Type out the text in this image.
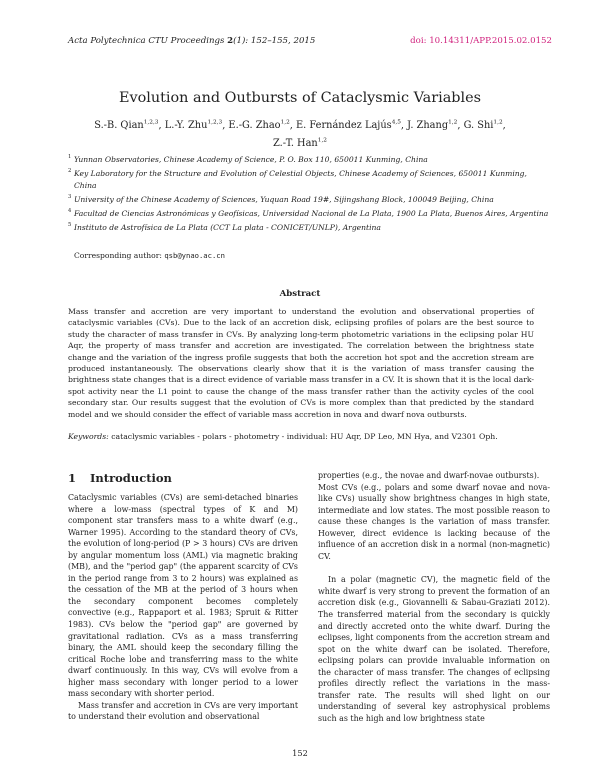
Acta Polytechnica CTU Proceedings 2(1): 152–155, 2015	doi: 10.14311/APP.2015.02.0152
Evolution and Outbursts of Cataclysmic Variables
S.-B. Qian$^{1,2,3}$, L.-Y. Zhu$^{1,2,3}$, E.-G. Zhao$^{1,2}$, E. Fernández Lajús$^{4,5}$, J. Zhang$^{1,2}$, G. Shi$^{1,2}$,
Z.-T. Han$^{1,2}$
1 Yunnan Observatories, Chinese Academy of Science, P. O. Box 110, 650011 Kunming, China
2 Key Laboratory for the Structure and Evolution of Celestial Objects, Chinese Academy of Sciences, 650011 Kunming, China
3 University of the Chinese Academy of Sciences, Yuquan Road 19#, Sijingshang Block, 100049 Beijing, China
4 Facultad de Ciencias Astronómicas y Geofísicas, Universidad Nacional de La Plata, 1900 La Plata, Buenos Aires, Argentina
5 Instituto de Astrofísica de La Plata (CCT La plata - CONICET/UNLP), Argentina
Corresponding author: qsb@ynao.ac.cn
Abstract
Mass transfer and accretion are very important to understand the evolution and observational properties of cataclysmic variables (CVs). Due to the lack of an accretion disk, eclipsing profiles of polars are the best source to study the character of mass transfer in CVs. By analyzing long-term photometric variations in the eclipsing polar HU Aqr, the property of mass transfer and accretion are investigated. The correlation between the brightness state change and the variation of the ingress profile suggests that both the accretion hot spot and the accretion stream are produced instantaneously. The observations clearly show that it is the variation of mass transfer causing the brightness state changes that is a direct evidence of variable mass transfer in a CV. It is shown that it is the local dark-spot activity near the L1 point to cause the change of the mass transfer rather than the activity cycles of the cool secondary star. Our results suggest that the evolution of CVs is more complex than that predicted by the standard model and we should consider the effect of variable mass accretion in nova and dwarf nova outbursts.
Keywords: cataclysmic variables - polars - photometry - individual: HU Aqr, DP Leo, MN Hya, and V2301 Oph.
1 Introduction

Cataclysmic variables (CVs) are semi-detached binaries where a low-mass (spectral types of K and M) component star transfers mass to a white dwarf (e.g., Warner 1995). According to the standard theory of CVs, the evolution of long-period (P > 3 hours) CVs are driven by angular momentum loss (AML) via magnetic braking (MB), and the "period gap" (the apparent scarcity of CVs in the period range from 3 to 2 hours) was explained as the cessation of the MB at the period of 3 hours when the secondary component becomes completely convective (e.g., Rappaport et al. 1983; Spruit & Ritter 1983). CVs below the "period gap" are governed by gravitational radiation. CVs as a mass transferring binary, the AML should keep the secondary filling the critical Roche lobe and transferring mass to the white dwarf continuously. In this way, CVs will evolve from a higher mass secondary with longer period to a lower mass secondary with shorter period.

Mass transfer and accretion in CVs are very important to understand their evolution and observational

properties (e.g., the novae and dwarf-novae outbursts).

Most CVs (e.g., polars and some dwarf novae and nova-like CVs) usually show brightness changes in high state, intermediate and low states. The most possible reason to cause these changes is the variation of mass transfer. However, direct evidence is lacking because of the influence of an accretion disk in a normal (non-magnetic) CV.

In a polar (magnetic CV), the magnetic field of the white dwarf is very strong to prevent the formation of an accretion disk (e.g., Giovannelli & Sabau-Graziati 2012). The transferred material from the secondary is quickly and directly accreted onto the white dwarf. During the eclipses, light components from the accretion stream and spot on the white dwarf can be isolated. Therefore, eclipsing polars can provide invaluable information on the character of mass transfer. The changes of eclipsing profiles directly reflect the variations in the mass-transfer rate. The results will shed light on our understanding of several key astrophysical problems such as the high and low brightness state

152
